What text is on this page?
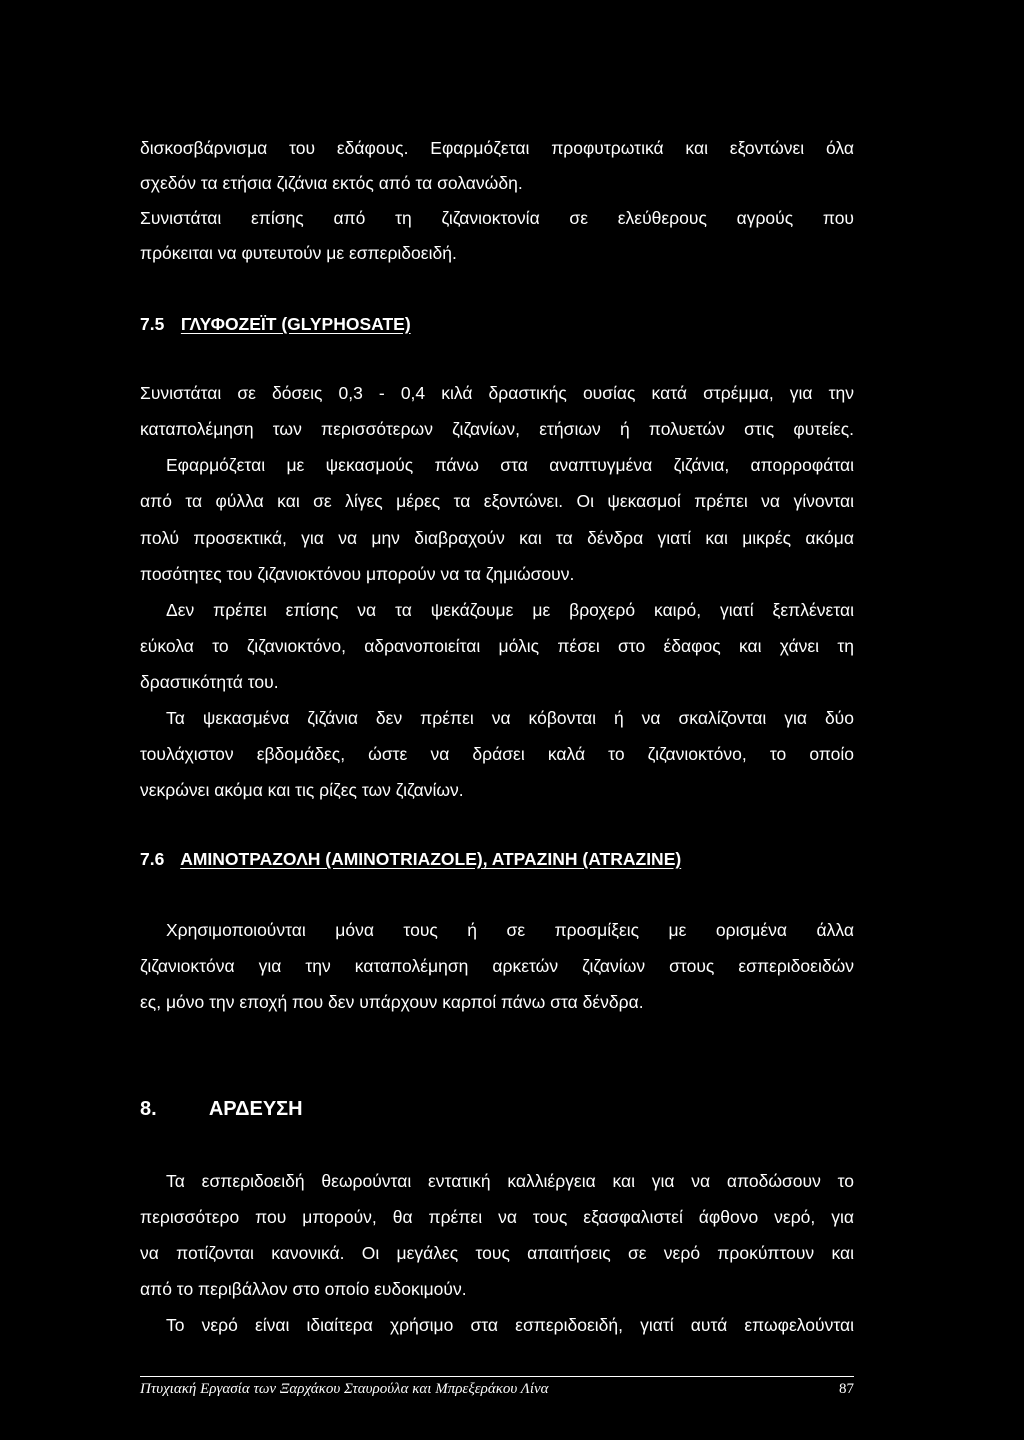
δισκοσβάρνισμα του εδάφους. Εφαρμόζεται προφυτρωτικά και εξοντώνει όλα

σχεδόν τα ετήσια ζιζάνια εκτός από τα σολανώδη.

Συνιστάται επίσης από τη ζιζανιοκτονία σε ελεύθερους αγρούς που

πρόκειται να φυτευτούν με εσπεριδοειδή.

7.5 ΓΛΥΦΟΖΕΪΤ (GLYPHOSATE)

Συνιστάται σε δόσεις 0,3 - 0,4 κιλά δραστικής ουσίας κατά στρέμμα, για την

καταπολέμηση των περισσότερων ζιζανίων, ετήσιων ή πολυετών στις φυτείες.

Εφαρμόζεται με ψεκασμούς πάνω στα αναπτυγμένα ζιζάνια, απορροφάται

από τα φύλλα και σε λίγες μέρες τα εξοντώνει. Οι ψεκασμοί πρέπει να γίνονται

πολύ προσεκτικά, για να μην διαβραχούν και τα δένδρα γιατί και μικρές ακόμα

ποσότητες του ζιζανιοκτόνου μπορούν να τα ζημιώσουν.

Δεν πρέπει επίσης να τα ψεκάζουμε με βροχερό καιρό, γιατί ξεπλένεται

εύκολα το ζιζανιοκτόνο, αδρανοποιείται μόλις πέσει στο έδαφος και χάνει τη

δραστικότητά του.

Τα ψεκασμένα ζιζάνια δεν πρέπει να κόβονται ή να σκαλίζονται για δύο

τουλάχιστον εβδομάδες, ώστε να δράσει καλά το ζιζανιοκτόνο, το οποίο

νεκρώνει ακόμα και τις ρίζες των ζιζανίων.

7.6 ΑΜΙΝΟΤΡΑΖΟΛΗ (AMINOTRIAZOLE), ΑΤΡΑΖΙΝΗ (ATRAZINE)

Χρησιμοποιούνται μόνα τους ή σε προσμίξεις με ορισμένα άλλα

ζιζανιοκτόνα για την καταπολέμηση αρκετών ζιζανίων στους εσπεριδοειδών

ες, μόνο την εποχή που δεν υπάρχουν καρποί πάνω στα δένδρα.

8.	ΑΡΔΕΥΣΗ

Τα εσπεριδοειδή θεωρούνται εντατική καλλιέργεια και για να αποδώσουν το

περισσότερο που μπορούν, θα πρέπει να τους εξασφαλιστεί άφθονο νερό, για

να ποτίζονται κανονικά. Οι μεγάλες τους απαιτήσεις σε νερό προκύπτουν και

από το περιβάλλον στο οποίο ευδοκιμούν.

Το νερό είναι ιδιαίτερα χρήσιμο στα εσπεριδοειδή, γιατί αυτά επωφελούνται

Πτυχιακή Εργασία των Ξαρχάκου Σταυρούλα και Μπρεξεράκου Λίνα	87
